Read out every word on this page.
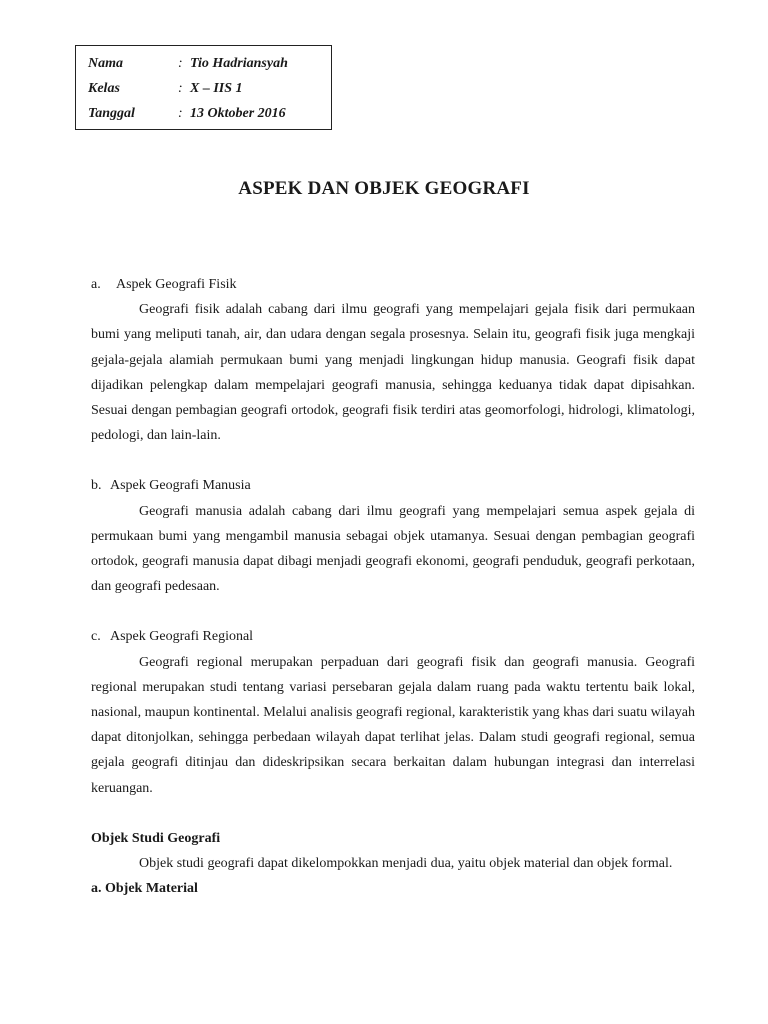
Nama	: Tio Hadriansyah
Kelas	: X – IIS 1
Tanggal	: 13 Oktober 2016
ASPEK DAN OBJEK GEOGRAFI

a. Aspek Geografi Fisik

Geografi fisik adalah cabang dari ilmu geografi yang mempelajari gejala fisik dari permukaan bumi yang meliputi tanah, air, dan udara dengan segala prosesnya. Selain itu, geografi fisik juga mengkaji gejala-gejala alamiah permukaan bumi yang menjadi lingkungan hidup manusia. Geografi fisik dapat dijadikan pelengkap dalam mempelajari geografi manusia, sehingga keduanya tidak dapat dipisahkan. Sesuai dengan pembagian geografi ortodok, geografi fisik terdiri atas geomorfologi, hidrologi, klimatologi, pedologi, dan lain-lain.

b. Aspek Geografi Manusia

Geografi manusia adalah cabang dari ilmu geografi yang mempelajari semua aspek gejala di permukaan bumi yang mengambil manusia sebagai objek utamanya. Sesuai dengan pembagian geografi ortodok, geografi manusia dapat dibagi menjadi geografi ekonomi, geografi penduduk, geografi perkotaan, dan geografi pedesaan.

c. Aspek Geografi Regional

Geografi regional merupakan perpaduan dari geografi fisik dan geografi manusia. Geografi regional merupakan studi tentang variasi persebaran gejala dalam ruang pada waktu tertentu baik lokal, nasional, maupun kontinental. Melalui analisis geografi regional, karakteristik yang khas dari suatu wilayah dapat ditonjolkan, sehingga perbedaan wilayah dapat terlihat jelas. Dalam studi geografi regional, semua gejala geografi ditinjau dan dideskripsikan secara berkaitan dalam hubungan integrasi dan interrelasi keruangan.

Objek Studi Geografi

Objek studi geografi dapat dikelompokkan menjadi dua, yaitu objek material dan objek formal.

a. Objek Material
